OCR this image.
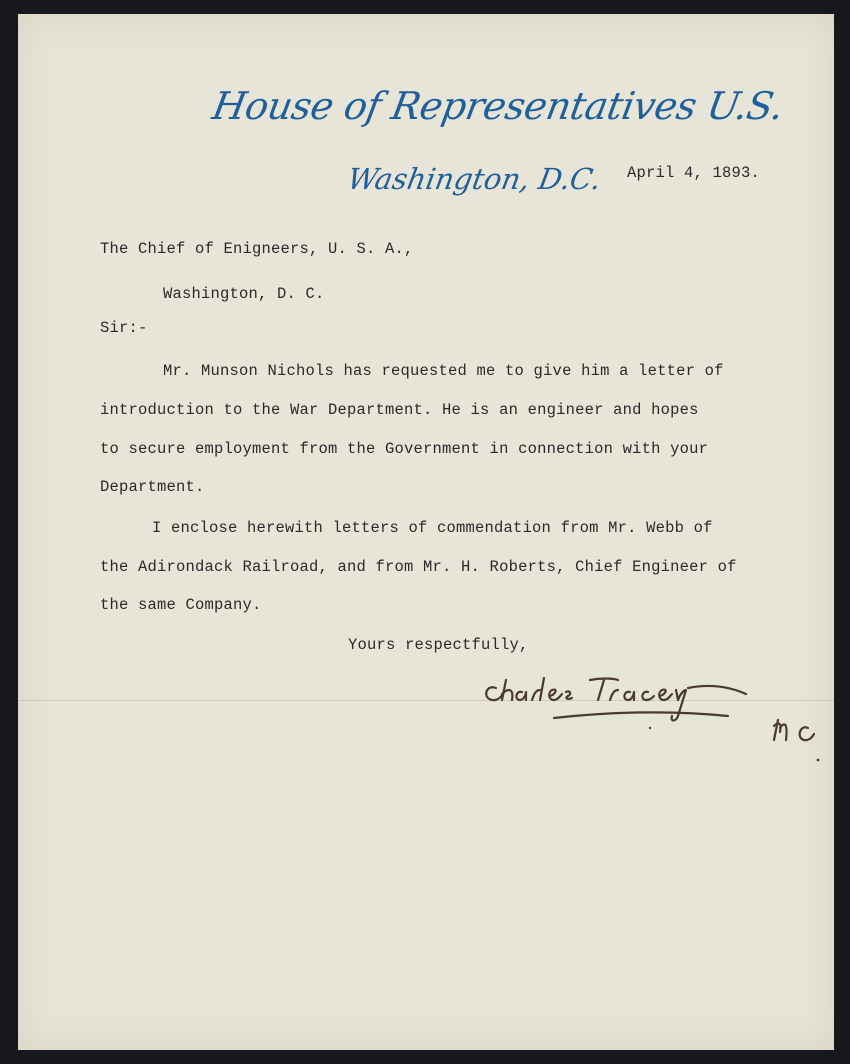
House of Representatives U.S.
Washington, D.C. April 4, 1893.
The Chief of Enigneers, U. S. A.,
Washington, D. C.
Sir:-
Mr. Munson Nichols has requested me to give him a letter of
introduction to the War Department. He is an engineer and hopes
to secure employment from the Government in connection with your
Department.
I enclose herewith letters of commendation from Mr. Webb of
the Adirondack Railroad, and from Mr. H. Roberts, Chief Engineer of
the same Company.
Yours respectfully,
